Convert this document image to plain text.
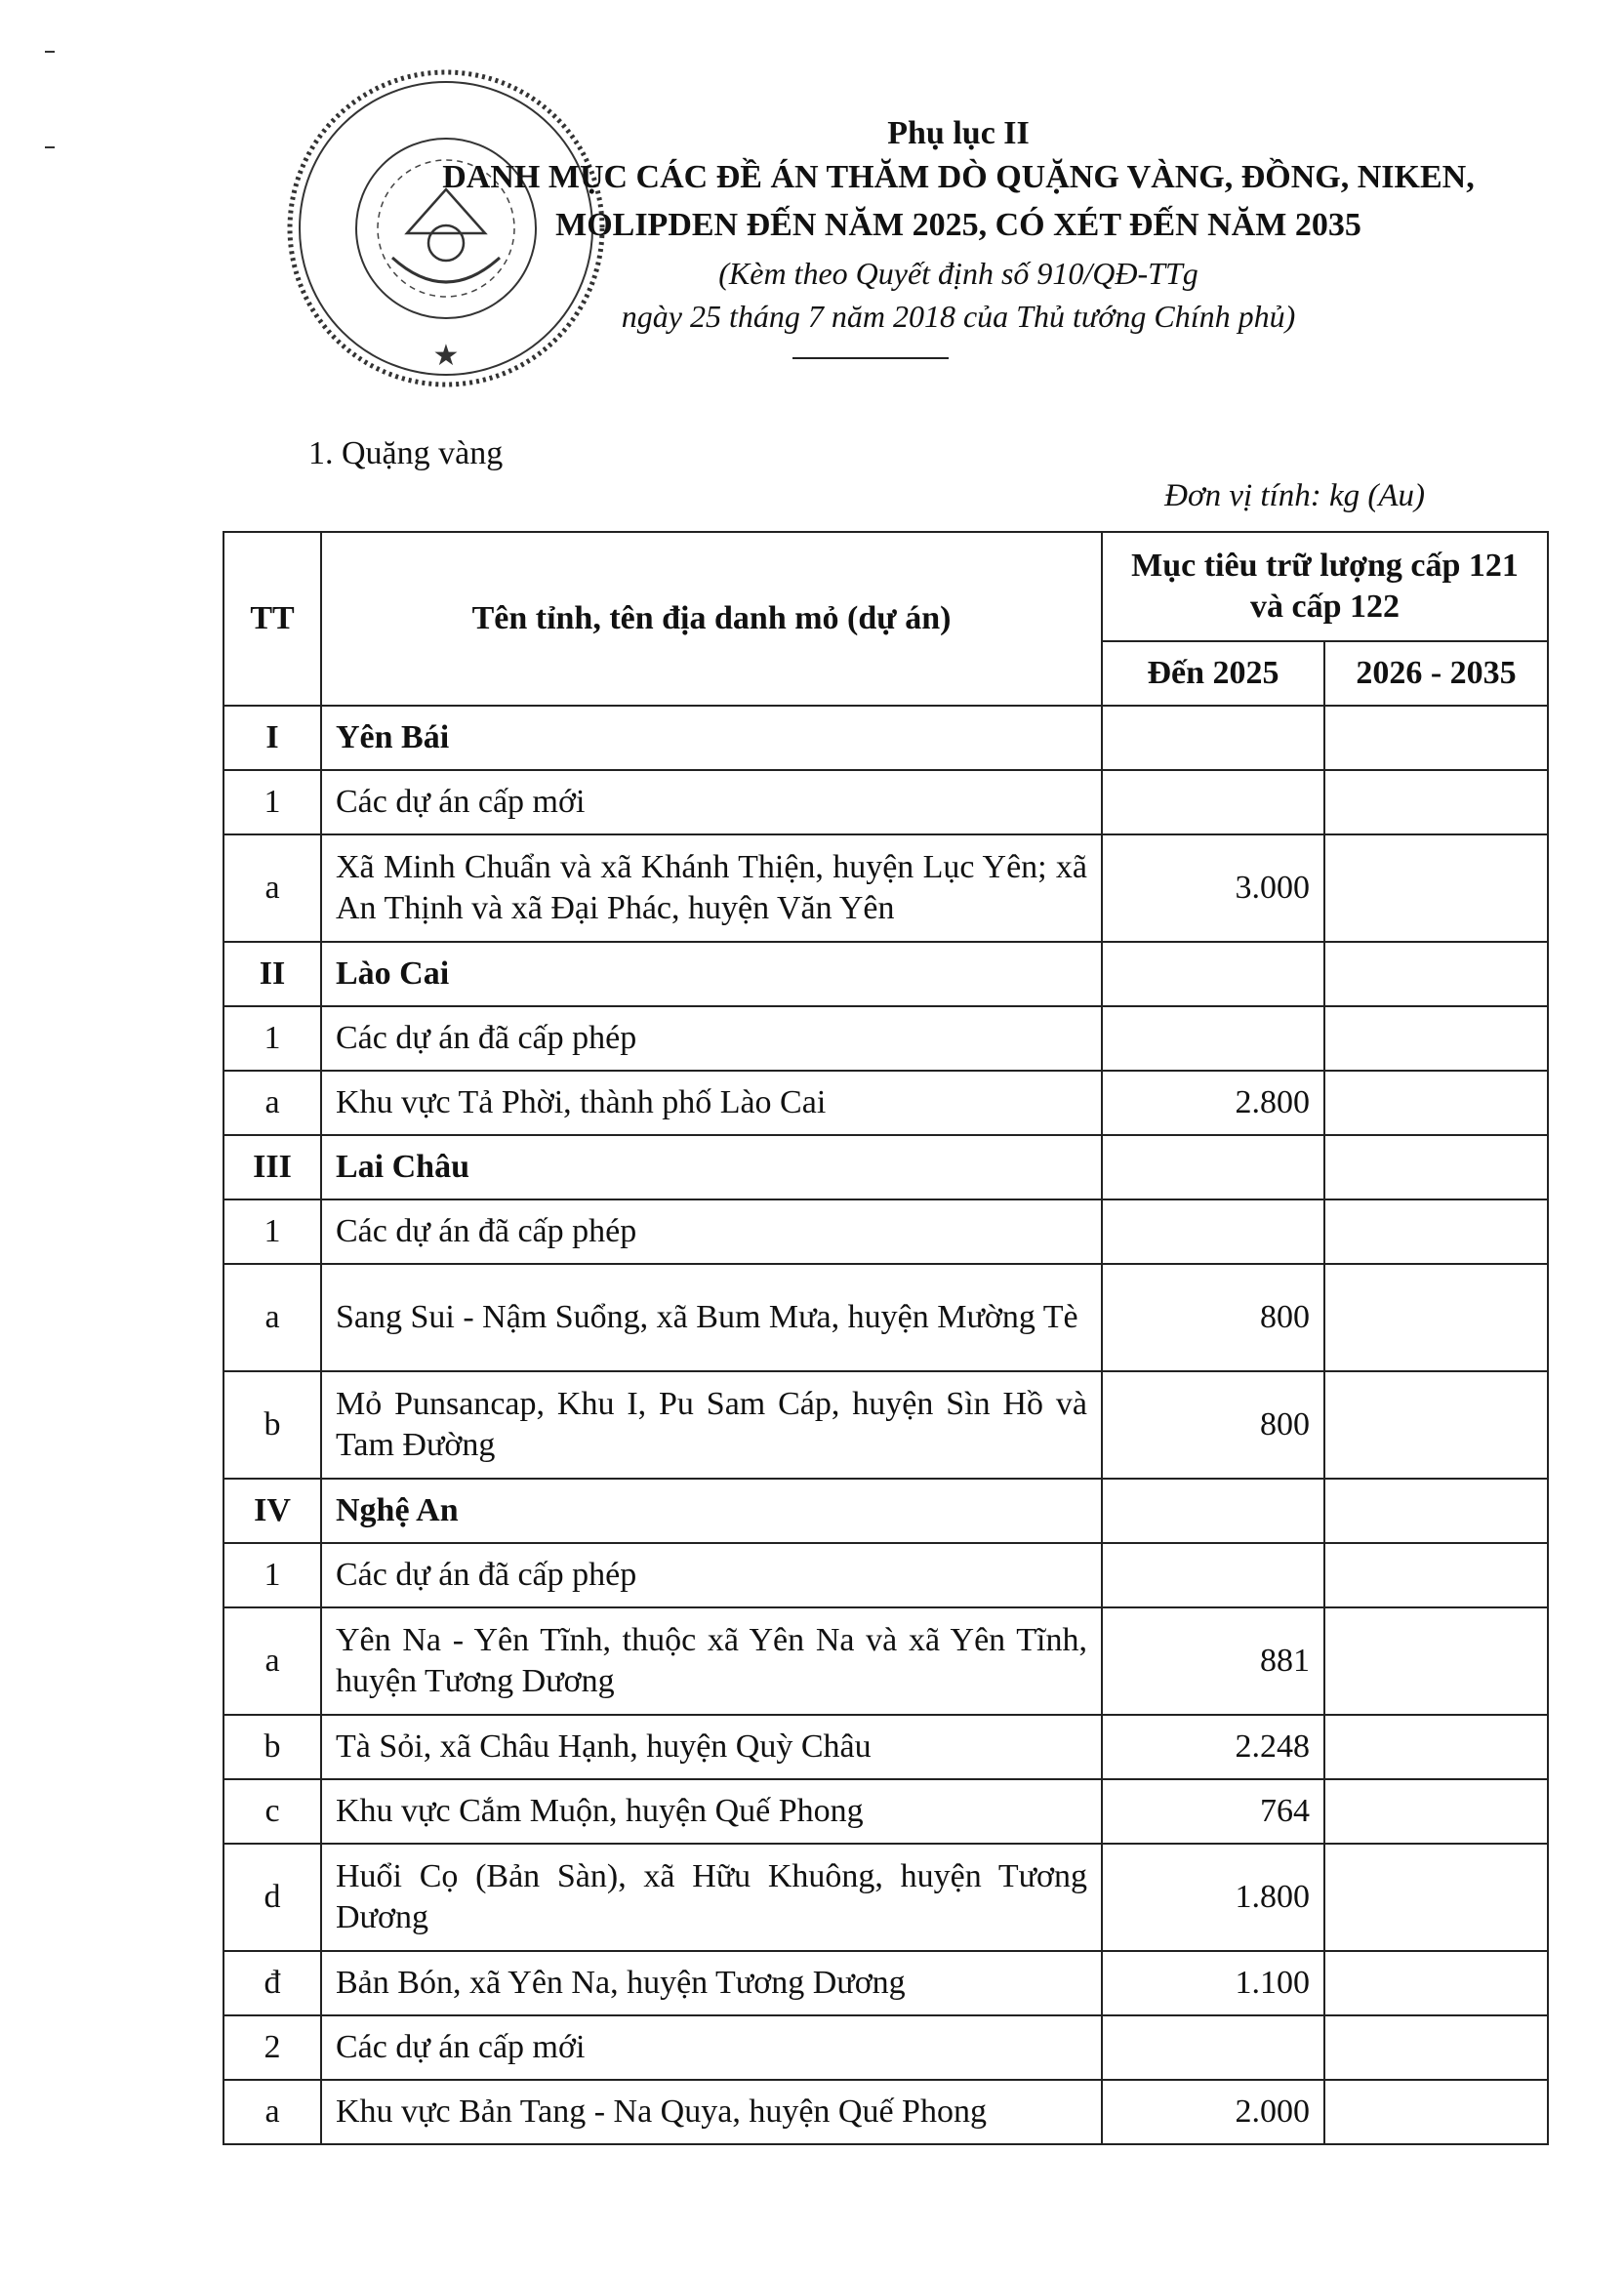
★
Phụ lục II
DANH MỤC CÁC ĐỀ ÁN THĂM DÒ QUẶNG VÀNG, ĐỒNG, NIKEN,
MOLIPDEN ĐẾN NĂM 2025, CÓ XÉT ĐẾN NĂM 2035
(Kèm theo Quyết định số 910/QĐ-TTg
ngày 25 tháng 7 năm 2018 của Thủ tướng Chính phủ)
1. Quặng vàng
Đơn vị tính: kg (Au)
TT	Tên tỉnh, tên địa danh mỏ (dự án)	Mục tiêu trữ lượng cấp 121 và cấp 122	
		Đến 2025	2026 - 2035
I	Yên Bái		
1	Các dự án cấp mới		
a	Xã Minh Chuẩn và xã Khánh Thiện, huyện Lục Yên; xã An Thịnh và xã Đại Phác, huyện Văn Yên	3.000	
II	Lào Cai		
1	Các dự án đã cấp phép		
a	Khu vực Tả Phời, thành phố Lào Cai	2.800	
III	Lai Châu		
1	Các dự án đã cấp phép		
a	Sang Sui - Nậm Suổng, xã Bum Mưa, huyện Mường Tè	800	
b	Mỏ Punsancap, Khu I, Pu Sam Cáp, huyện Sìn Hồ và Tam Đường	800	
IV	Nghệ An		
1	Các dự án đã cấp phép		
a	Yên Na - Yên Tĩnh, thuộc xã Yên Na và xã Yên Tĩnh, huyện Tương Dương	881	
b	Tà Sỏi, xã Châu Hạnh, huyện Quỳ Châu	2.248	
c	Khu vực Cắm Muộn, huyện Quế Phong	764	
d	Huổi Cọ (Bản Sàn), xã Hữu Khuông, huyện Tương Dương	1.800	
đ	Bản Bón, xã Yên Na, huyện Tương Dương	1.100	
2	Các dự án cấp mới		
a	Khu vực Bản Tang - Na Quya, huyện Quế Phong	2.000	
